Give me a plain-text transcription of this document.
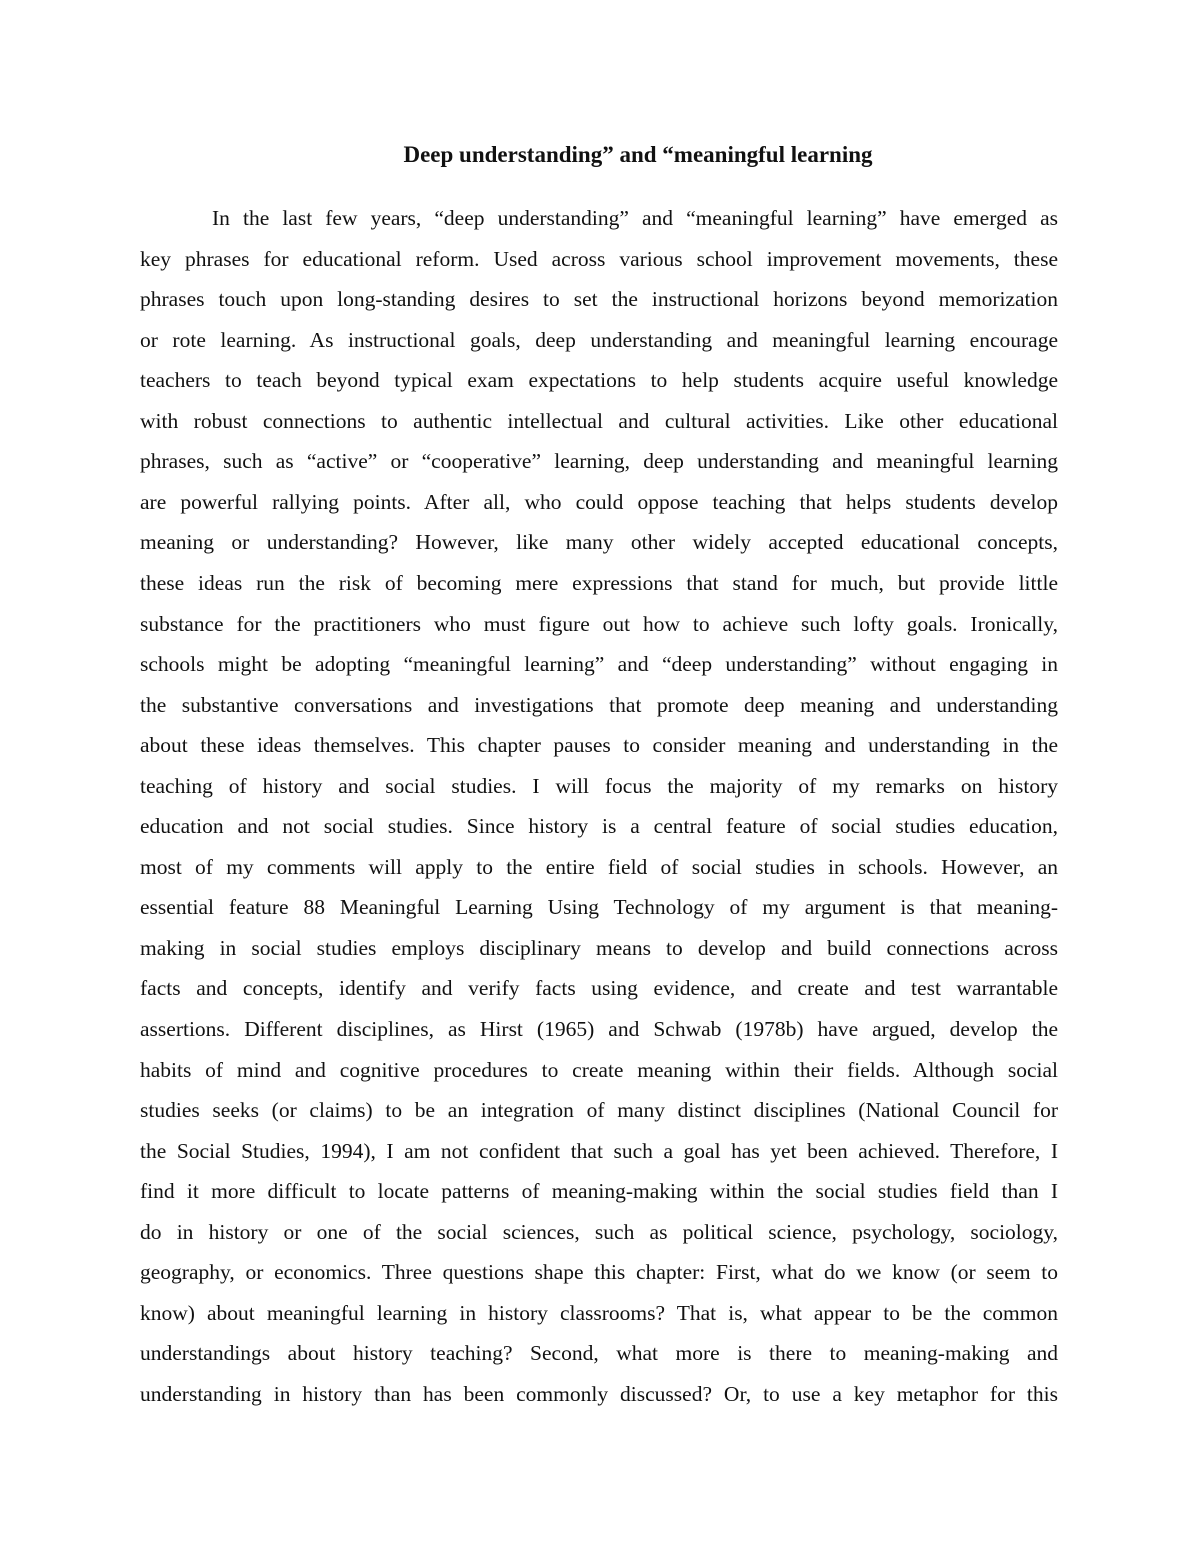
Deep understanding” and “meaningful learning
In the last few years, “deep understanding” and “meaningful learning” have emerged as
key phrases for educational reform. Used across various school improvement movements, these
phrases touch upon long-standing desires to set the instructional horizons beyond memorization
or rote learning. As instructional goals, deep understanding and meaningful learning encourage
teachers to teach beyond typical exam expectations to help students acquire useful knowledge
with robust connections to authentic intellectual and cultural activities. Like other educational
phrases, such as “active” or “cooperative” learning, deep understanding and meaningful learning
are powerful rallying points. After all, who could oppose teaching that helps students develop
meaning or understanding? However, like many other widely accepted educational concepts,
these ideas run the risk of becoming mere expressions that stand for much, but provide little
substance for the practitioners who must figure out how to achieve such lofty goals. Ironically,
schools might be adopting “meaningful learning” and “deep understanding” without engaging in
the substantive conversations and investigations that promote deep meaning and understanding
about these ideas themselves. This chapter pauses to consider meaning and understanding in the
teaching of history and social studies. I will focus the majority of my remarks on history
education and not social studies. Since history is a central feature of social studies education,
most of my comments will apply to the entire field of social studies in schools. However, an
essential feature 88 Meaningful Learning Using Technology of my argument is that meaning-
making in social studies employs disciplinary means to develop and build connections across
facts and concepts, identify and verify facts using evidence, and create and test warrantable
assertions. Different disciplines, as Hirst (1965) and Schwab (1978b) have argued, develop the
habits of mind and cognitive procedures to create meaning within their fields. Although social
studies seeks (or claims) to be an integration of many distinct disciplines (National Council for
the Social Studies, 1994), I am not confident that such a goal has yet been achieved. Therefore, I
find it more difficult to locate patterns of meaning-making within the social studies field than I
do in history or one of the social sciences, such as political science, psychology, sociology,
geography, or economics. Three questions shape this chapter: First, what do we know (or seem to
know) about meaningful learning in history classrooms? That is, what appear to be the common
understandings about history teaching? Second, what more is there to meaning-making and
understanding in history than has been commonly discussed? Or, to use a key metaphor for this
